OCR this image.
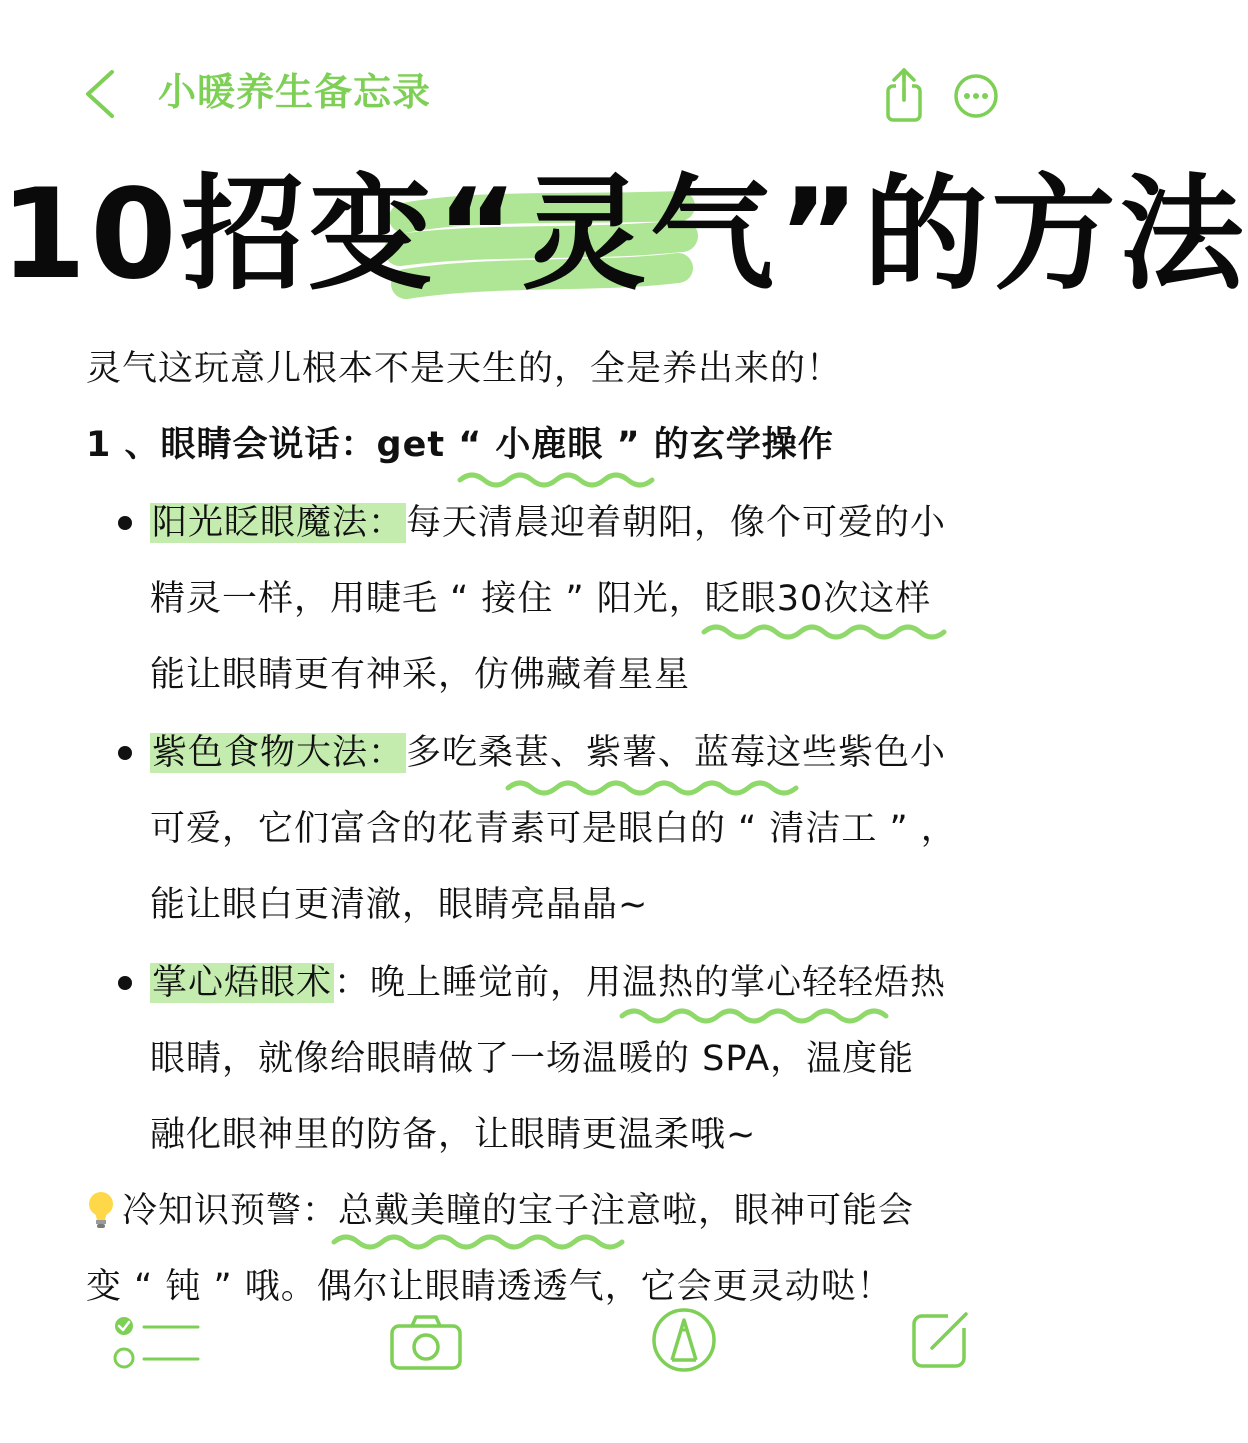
小暖养生备忘录
10招变“灵气”的方法
灵气这玩意儿根本不是天生的，全是养出来的！
1 、眼睛会说话：get “ 小鹿眼 ” 的玄学操作
阳光眨眼魔法：每天清晨迎着朝阳，像个可爱的小
精灵一样，用睫毛 “ 接住 ” 阳光，眨眼30次这样
能让眼睛更有神采，仿佛藏着星星
紫色食物大法：多吃桑葚、紫薯、蓝莓这些紫色小
可爱，它们富含的花青素可是眼白的 “ 清洁工 ” ，
能让眼白更清澈，眼睛亮晶晶~
掌心焐眼术：晚上睡觉前，用温热的掌心轻轻焐热
眼睛，就像给眼睛做了一场温暖的 SPA，温度能
融化眼神里的防备，让眼睛更温柔哦~
冷知识预警：总戴美瞳的宝子注意啦，眼神可能会
变 “ 钝 ” 哦。偶尔让眼睛透透气，它会更灵动哒！
